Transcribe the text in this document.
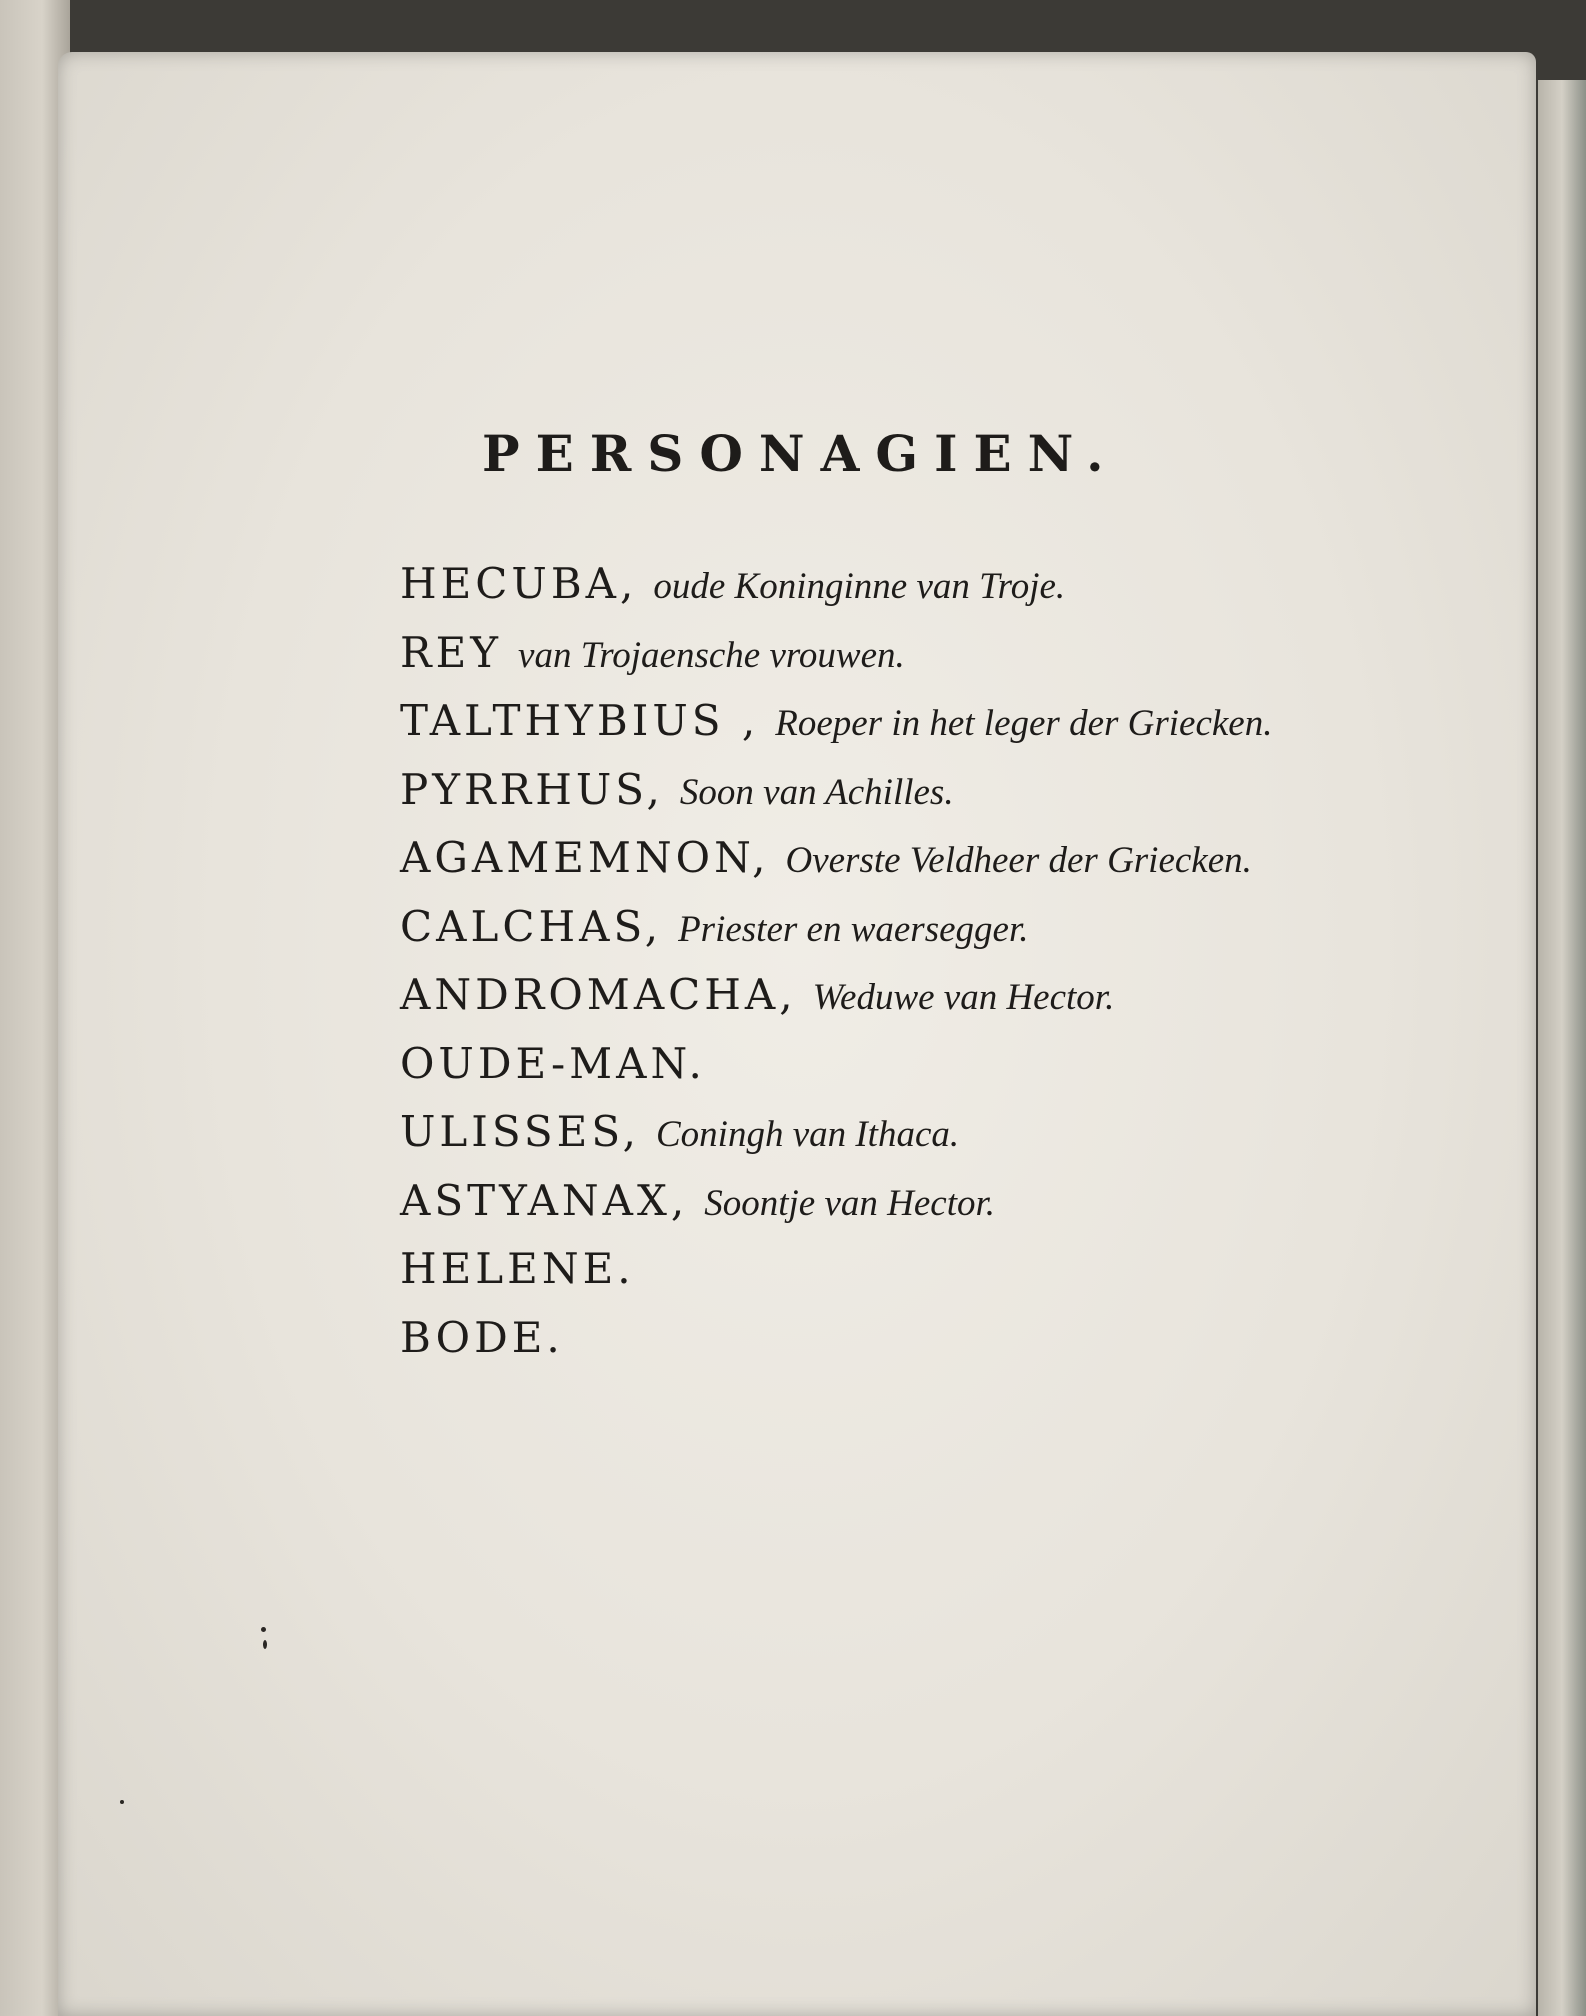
PERSONAGIEN.
HECUBA, oude Koninginne van Troje.
REY van Trojaensche vrouwen.
TALTHYBIUS , Roeper in het leger der Griecken.
PYRRHUS, Soon van Achilles.
AGAMEMNON, Overste Veldheer der Griecken.
CALCHAS, Priester en waersegger.
ANDROMACHA, Weduwe van Hector.
OUDE-MAN.
ULISSES, Coningh van Ithaca.
ASTYANAX, Soontje van Hector.
HELENE.
BODE.
